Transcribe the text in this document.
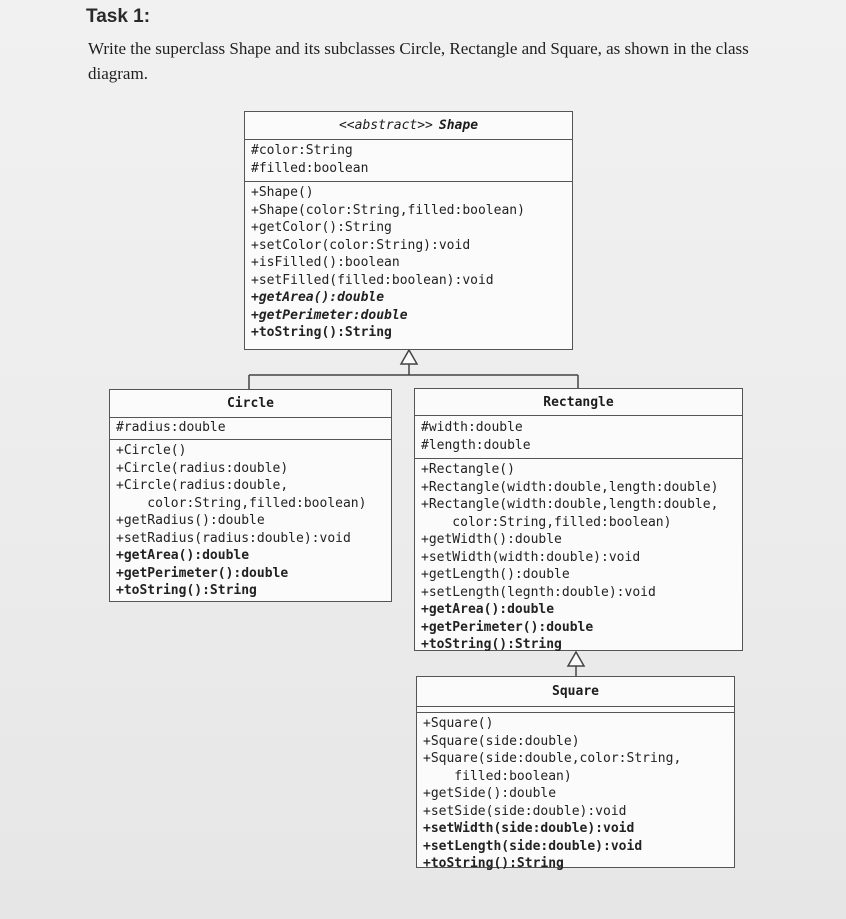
Task 1:
Write the superclass Shape and its subclasses Circle, Rectangle and Square, as shown in the class diagram.
<<abstract>> Shape
#color:String
#filled:boolean
+Shape()
+Shape(color:String,filled:boolean)
+getColor():String
+setColor(color:String):void
+isFilled():boolean
+setFilled(filled:boolean):void
+getArea():double
+getPerimeter:double
+toString():String
Circle
#radius:double
+Circle()
+Circle(radius:double)
+Circle(radius:double,
color:String,filled:boolean)
+getRadius():double
+setRadius(radius:double):void
+getArea():double
+getPerimeter():double
+toString():String
Rectangle
#width:double
#length:double
+Rectangle()
+Rectangle(width:double,length:double)
+Rectangle(width:double,length:double,
color:String,filled:boolean)
+getWidth():double
+setWidth(width:double):void
+getLength():double
+setLength(legnth:double):void
+getArea():double
+getPerimeter():double
+toString():String
Square
+Square()
+Square(side:double)
+Square(side:double,color:String,
filled:boolean)
+getSide():double
+setSide(side:double):void
+setWidth(side:double):void
+setLength(side:double):void
+toString():String
